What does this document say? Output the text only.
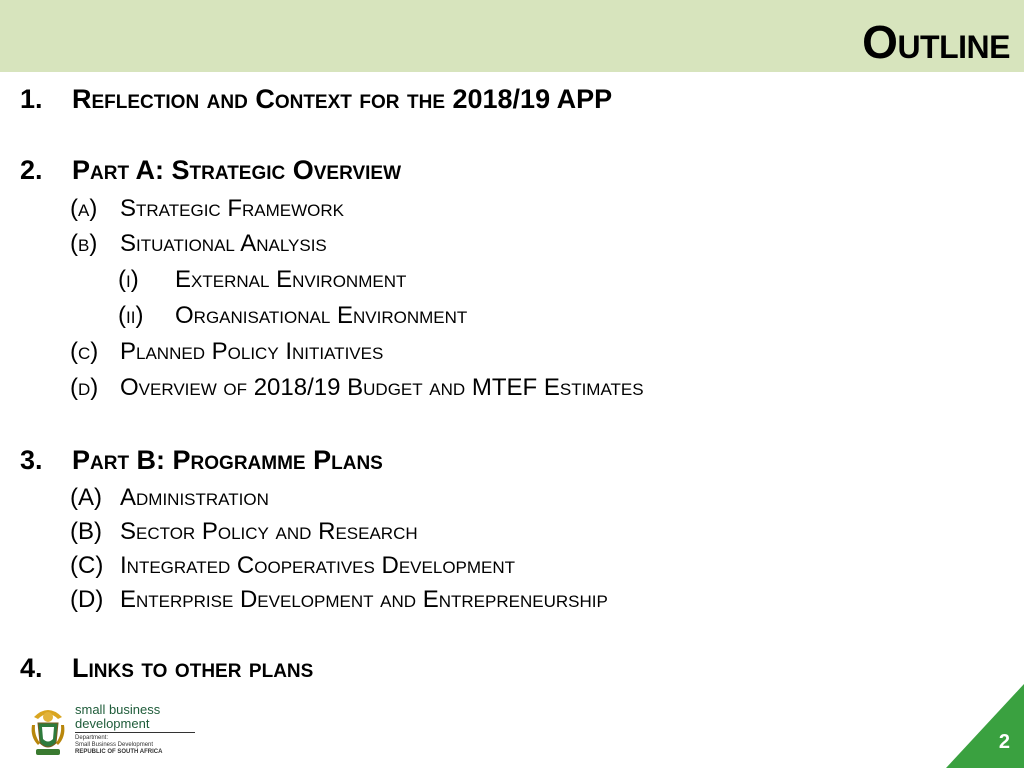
Outline
1. Reflection and Context for the 2018/19 APP
2. Part A: Strategic Overview
(a) Strategic Framework
(b) Situational Analysis
(i) External Environment
(ii) Organisational Environment
(c) Planned Policy Initiatives
(d) Overview of 2018/19 Budget and MTEF Estimates
3. Part B: Programme Plans
(A) Administration
(B) Sector Policy and Research
(C) Integrated Cooperatives Development
(D) Enterprise Development and Entrepreneurship
4. Links to other plans
small business
development
Department:
Small Business Development
REPUBLIC OF SOUTH AFRICA	2
